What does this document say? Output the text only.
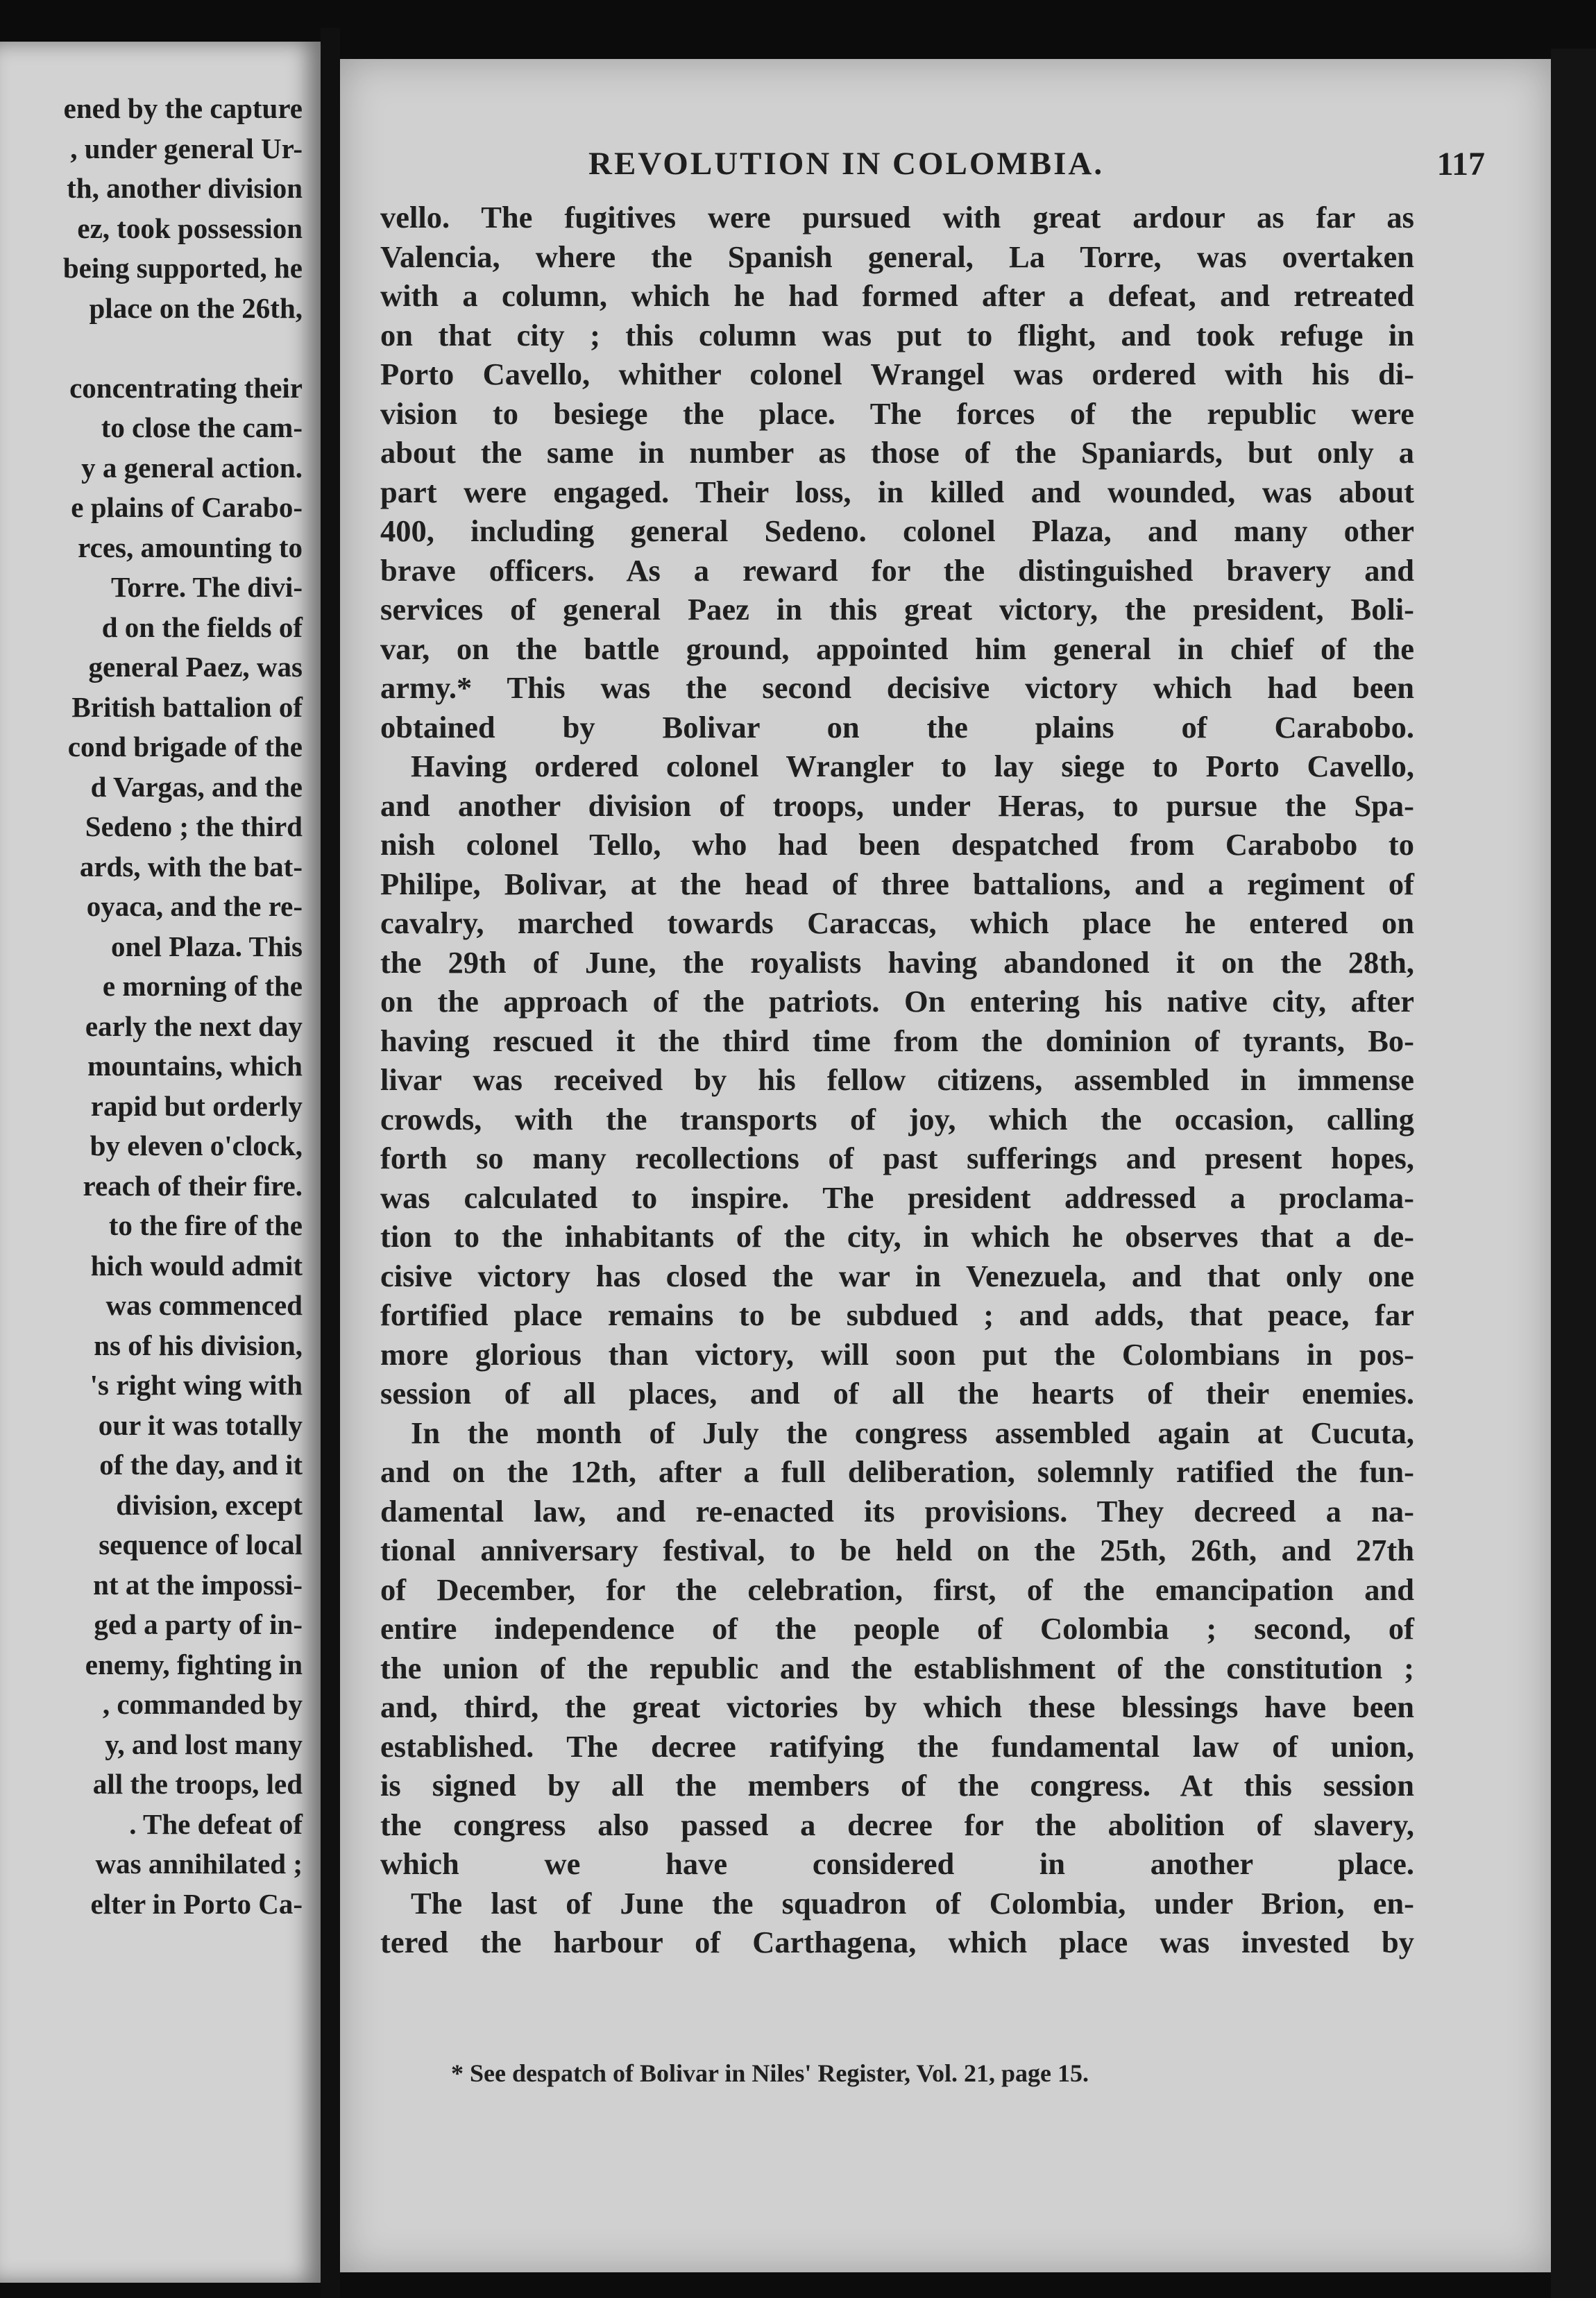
ened by the capture
, under general Ur-
th, another division
ez, took possession
being supported, he
place on the 26th,
concentrating their
to close the cam-
y a general action.
e plains of Carabo-
rces, amounting to
Torre. The divi-
d on the fields of
general Paez, was
British battalion of
cond brigade of the
d Vargas, and the
Sedeno ; the third
ards, with the bat-
oyaca, and the re-
onel Plaza. This
e morning of the
early the next day
mountains, which
rapid but orderly
by eleven o'clock,
reach of their fire.
to the fire of the
hich would admit
was commenced
ns of his division,
's right wing with
our it was totally
of the day, and it
division, except
sequence of local
nt at the impossi-
ged a party of in-
enemy, fighting in
, commanded by
y, and lost many
all the troops, led
. The defeat of
was annihilated ;
elter in Porto Ca-
REVOLUTION IN COLOMBIA.	117
vello. The fugitives were pursued with great ardour as far as
Valencia, where the Spanish general, La Torre, was overtaken
with a column, which he had formed after a defeat, and retreated
on that city ; this column was put to flight, and took refuge in
Porto Cavello, whither colonel Wrangel was ordered with his di-
vision to besiege the place. The forces of the republic were
about the same in number as those of the Spaniards, but only a
part were engaged. Their loss, in killed and wounded, was about
400, including general Sedeno. colonel Plaza, and many other
brave officers. As a reward for the distinguished bravery and
services of general Paez in this great victory, the president, Boli-
var, on the battle ground, appointed him general in chief of the
army.* This was the second decisive victory which had been
obtained by Bolivar on the plains of Carabobo.
Having ordered colonel Wrangler to lay siege to Porto Cavello,
and another division of troops, under Heras, to pursue the Spa-
nish colonel Tello, who had been despatched from Carabobo to
Philipe, Bolivar, at the head of three battalions, and a regiment of
cavalry, marched towards Caraccas, which place he entered on
the 29th of June, the royalists having abandoned it on the 28th,
on the approach of the patriots. On entering his native city, after
having rescued it the third time from the dominion of tyrants, Bo-
livar was received by his fellow citizens, assembled in immense
crowds, with the transports of joy, which the occasion, calling
forth so many recollections of past sufferings and present hopes,
was calculated to inspire. The president addressed a proclama-
tion to the inhabitants of the city, in which he observes that a de-
cisive victory has closed the war in Venezuela, and that only one
fortified place remains to be subdued ; and adds, that peace, far
more glorious than victory, will soon put the Colombians in pos-
session of all places, and of all the hearts of their enemies.
In the month of July the congress assembled again at Cucuta,
and on the 12th, after a full deliberation, solemnly ratified the fun-
damental law, and re-enacted its provisions. They decreed a na-
tional anniversary festival, to be held on the 25th, 26th, and 27th
of December, for the celebration, first, of the emancipation and
entire independence of the people of Colombia ; second, of
the union of the republic and the establishment of the constitution ;
and, third, the great victories by which these blessings have been
established. The decree ratifying the fundamental law of union,
is signed by all the members of the congress. At this session
the congress also passed a decree for the abolition of slavery,
which we have considered in another place.
The last of June the squadron of Colombia, under Brion, en-
tered the harbour of Carthagena, which place was invested by
* See despatch of Bolivar in Niles' Register, Vol. 21, page 15.
